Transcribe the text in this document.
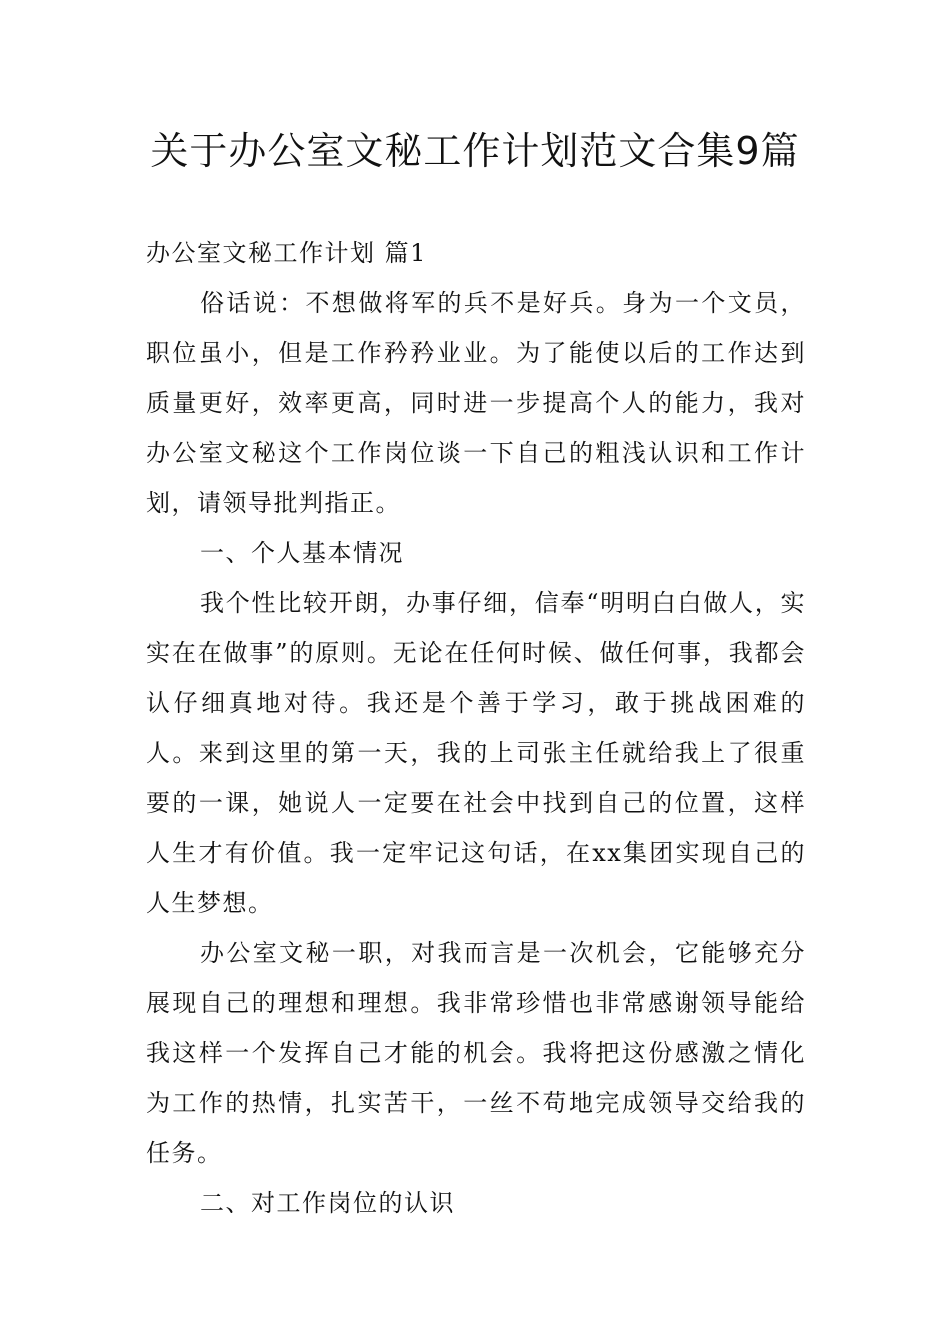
关于办公室文秘工作计划范文合集9篇

办公室文秘工作计划 篇1

俗话说：不想做将军的兵不是好兵。身为一个文员，职位虽小，但是工作矜矜业业。为了能使以后的工作达到质量更好，效率更高，同时进一步提高个人的能力，我对办公室文秘这个工作岗位谈一下自己的粗浅认识和工作计划，请领导批判指正。

一、个人基本情况

我个性比较开朗，办事仔细，信奉“明明白白做人，实实在在做事”的原则。无论在任何时候、做任何事，我都会认仔细真地对待。我还是个善于学习，敢于挑战困难的人。来到这里的第一天，我的上司张主任就给我上了很重要的一课，她说人一定要在社会中找到自己的位置，这样人生才有价值。我一定牢记这句话，在xx集团实现自己的人生梦想。

办公室文秘一职，对我而言是一次机会，它能够充分展现自己的理想和理想。我非常珍惜也非常感谢领导能给我这样一个发挥自己才能的机会。我将把这份感激之情化为工作的热情，扎实苦干，一丝不苟地完成领导交给我的任务。

二、对工作岗位的认识
